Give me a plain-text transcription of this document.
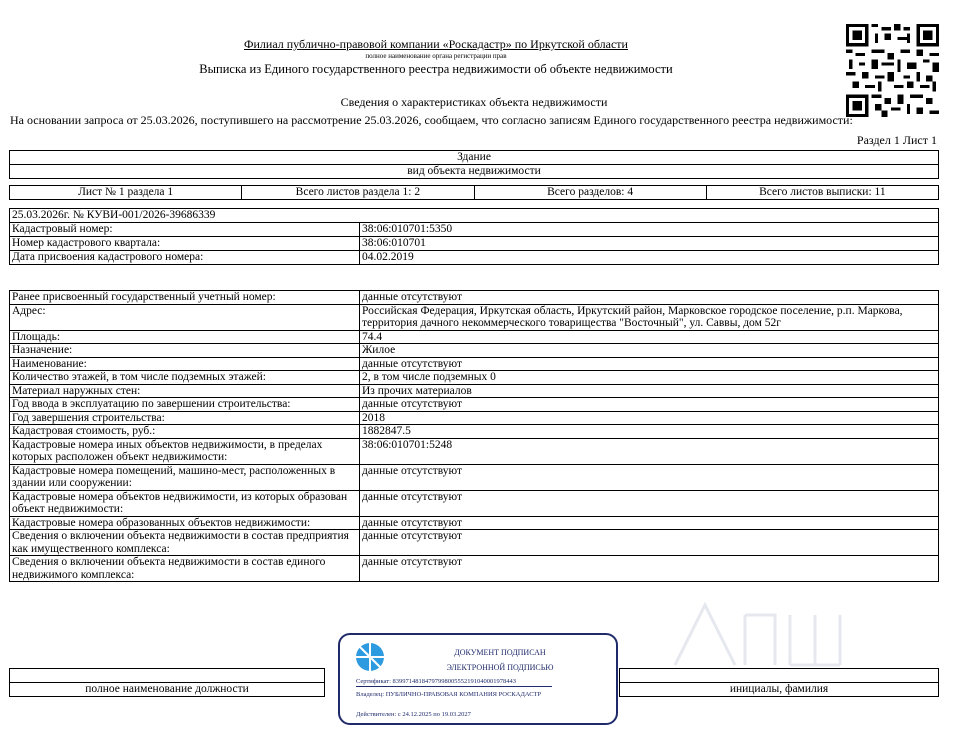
Филиал публично-правовой компании «Роскадастр» по Иркутской области
полное наименование органа регистрации прав
Выписка из Единого государственного реестра недвижимости об объекте недвижимости
Сведения о характеристиках объекта недвижимости
На основании запроса от 25.03.2026, поступившего на рассмотрение 25.03.2026, сообщаем, что согласно записям Единого государственного реестра недвижимости:
Раздел 1 Лист 1
Здание
вид объекта недвижимости
Лист № 1 раздела 1	Всего листов раздела 1: 2	Всего разделов: 4	Всего листов выписки: 11
25.03.2026г. № КУВИ-001/2026-39686339	
Кадастровый номер:	38:06:010701:5350
Номер кадастрового квартала:	38:06:010701
Дата присвоения кадастрового номера:	04.02.2019
Ранее присвоенный государственный учетный номер:	данные отсутствуют
Адрес:	Российская Федерация, Иркутская область, Иркутский район, Марковское городское поселение, р.п. Маркова, территория дачного некоммерческого товарищества "Восточный", ул. Саввы, дом 52г
Площадь:	74.4
Назначение:	Жилое
Наименование:	данные отсутствуют
Количество этажей, в том числе подземных этажей:	2, в том числе подземных 0
Материал наружных стен:	Из прочих материалов
Год ввода в эксплуатацию по завершении строительства:	данные отсутствуют
Год завершения строительства:	2018
Кадастровая стоимость, руб.:	1882847.5
Кадастровые номера иных объектов недвижимости, в пределах которых расположен объект недвижимости:	38:06:010701:5248
Кадастровые номера помещений, машино-мест, расположенных в здании или сооружении:	данные отсутствуют
Кадастровые номера объектов недвижимости, из которых образован объект недвижимости:	данные отсутствуют
Кадастровые номера образованных объектов недвижимости:	данные отсутствуют
Сведения о включении объекта недвижимости в состав предприятия как имущественного комплекса:	данные отсутствуют
Сведения о включении объекта недвижимости в состав единого недвижимого комплекса:	данные отсутствуют

полное наименование должности		инициалы, фамилия
ДОКУМЕНТ ПОДПИСАН
ЭЛЕКТРОННОЙ ПОДПИСЬЮ
Сертификат: 8399714818479799800555219104000197844З
Владелец: ПУБЛИЧНО-ПРАВОВАЯ КОМПАНИЯ РОСКАДАСТР
Действителен: с 24.12.2025 по 19.03.2027
